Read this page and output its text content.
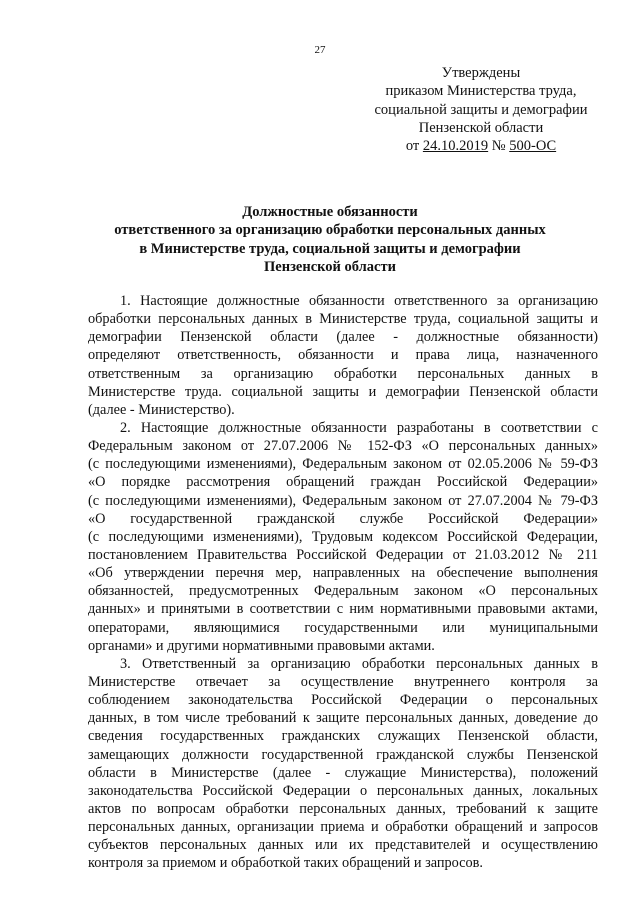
27
Утверждены
приказом Министерства труда,
социальной защиты и демографии
Пензенской области
от 24.10.2019 № 500-ОС
Должностные обязанности
ответственного за организацию обработки персональных данных
в Министерстве труда, социальной защиты и демографии
Пензенской области
1. Настоящие должностные обязанности ответственного за организацию
обработки персональных данных в Министерстве труда, социальной защиты и
демографии Пензенской области (далее - должностные обязанности)
определяют ответственность, обязанности и права лица, назначенного
ответственным за организацию обработки персональных данных в
Министерстве труда. социальной защиты и демографии Пензенской области
(далее - Министерство).
2. Настоящие должностные обязанности разработаны в соответствии с
Федеральным законом от 27.07.2006 № 152-ФЗ «О персональных данных»
(с последующими изменениями), Федеральным законом от 02.05.2006 № 59-ФЗ
«О порядке рассмотрения обращений граждан Российской Федерации»
(с последующими изменениями), Федеральным законом от 27.07.2004 № 79-ФЗ
«О государственной гражданской службе Российской Федерации»
(с последующими изменениями), Трудовым кодексом Российской Федерации,
постановлением Правительства Российской Федерации от 21.03.2012 № 211
«Об утверждении перечня мер, направленных на обеспечение выполнения
обязанностей, предусмотренных Федеральным законом «О персональных
данных» и принятыми в соответствии с ним нормативными правовыми актами,
операторами, являющимися государственными или муниципальными
органами» и другими нормативными правовыми актами.
3. Ответственный за организацию обработки персональных данных в
Министерстве отвечает за осуществление внутреннего контроля за
соблюдением законодательства Российской Федерации о персональных
данных, в том числе требований к защите персональных данных, доведение до
сведения государственных гражданских служащих Пензенской области,
замещающих должности государственной гражданской службы Пензенской
области в Министерстве (далее - служащие Министерства), положений
законодательства Российской Федерации о персональных данных, локальных
актов по вопросам обработки персональных данных, требований к защите
персональных данных, организации приема и обработки обращений и запросов
субъектов персональных данных или их представителей и осуществлению
контроля за приемом и обработкой таких обращений и запросов.
